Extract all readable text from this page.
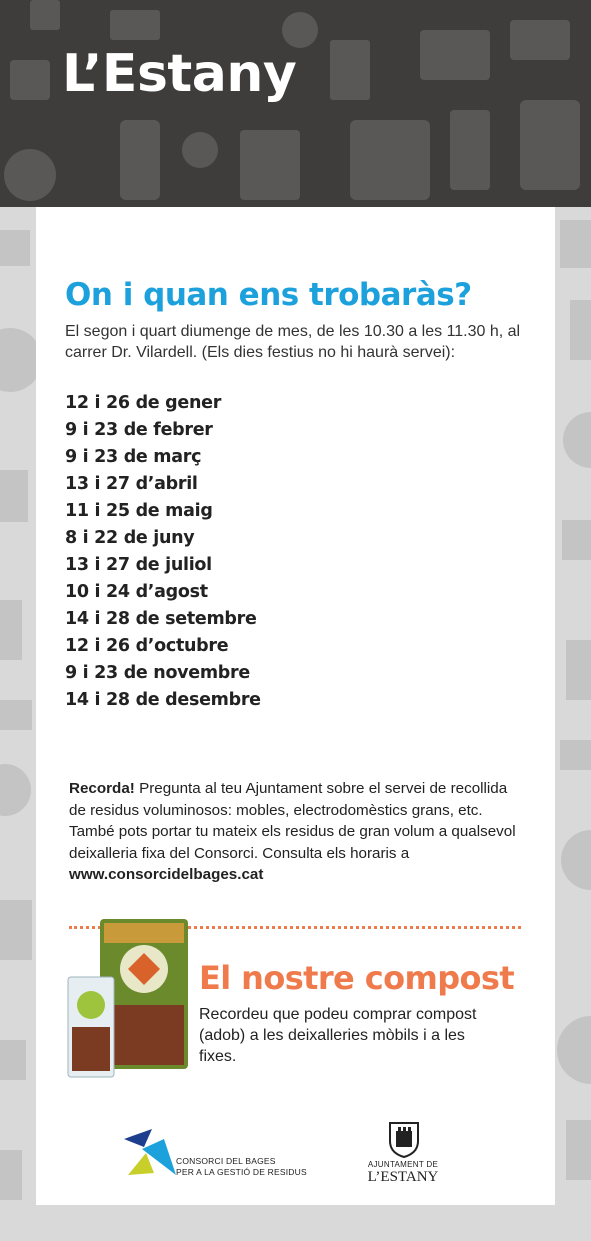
L’Estany
On i quan ens trobaràs?

El segon i quart diumenge de mes, de les 10.30 a les 11.30 h, al carrer Dr. Vilardell. (Els dies festius no hi haurà servei):

12 i 26 de gener
9 i 23 de febrer
9 i 23 de març
13 i 27 d’abril
11 i 25 de maig
8 i 22 de juny
13 i 27 de juliol
10 i 24 d’agost
14 i 28 de setembre
12 i 26 d’octubre
9 i 23 de novembre
14 i 28 de desembre

Recorda! Pregunta al teu Ajuntament sobre el servei de recollida de residus voluminosos: mobles, electrodomèstics grans, etc. També pots portar tu mateix els residus de gran volum a qualsevol deixalleria fixa del Consorci. Consulta els horaris a www.consorcidelbages.cat

El nostre compost

Recordeu que podeu comprar compost (adob) a les deixalleries mòbils i a les fixes.

CONSORCI DEL BAGES
PER A LA GESTIÓ DE RESIDUS
AJUNTAMENT DE
L’ESTANY
